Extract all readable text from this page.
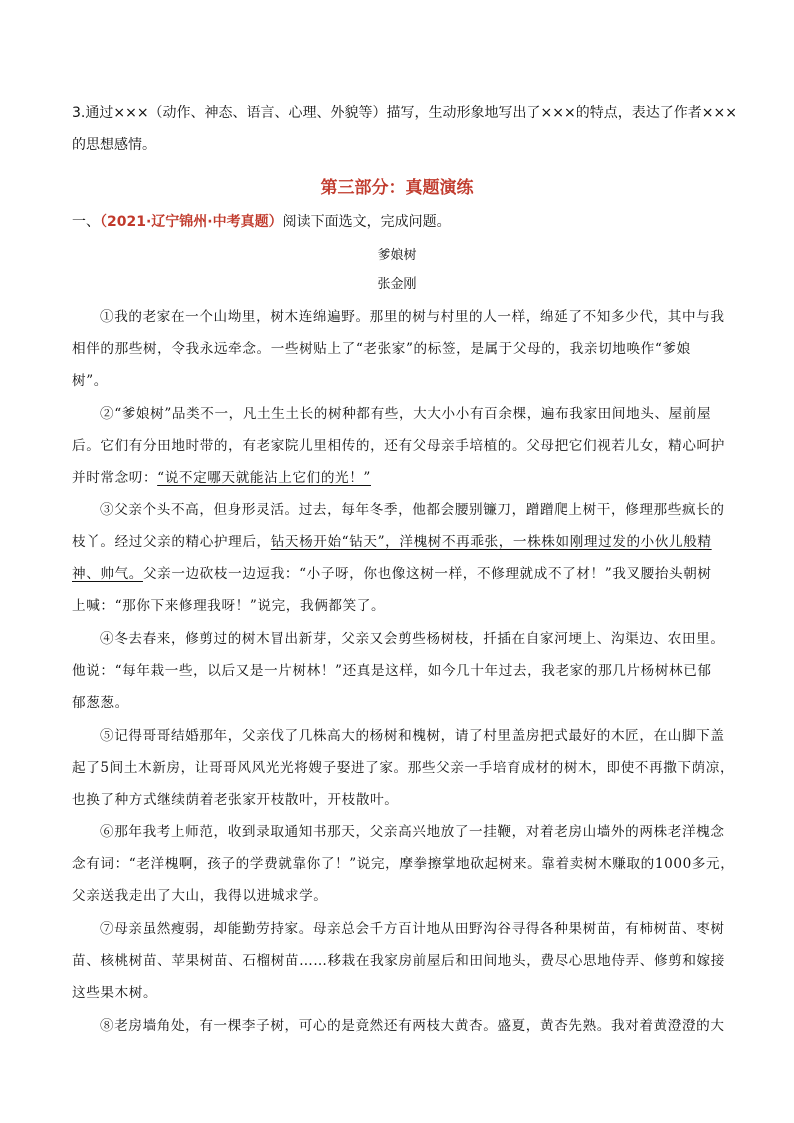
3.通过×××（动作、神态、语言、心理、外貌等）描写，生动形象地写出了×××的特点，表达了作者×××
的思想感情。
第三部分：真题演练
一、（2021·辽宁锦州·中考真题）阅读下面选文，完成问题。
爹娘树
张金刚
①我的老家在一个山坳里，树木连绵遍野。那里的树与村里的人一样，绵延了不知多少代，其中与我
相伴的那些树，令我永远牵念。一些树贴上了“老张家”的标签，是属于父母的，我亲切地唤作“爹娘
树”。
②“爹娘树”品类不一，凡土生土长的树种都有些，大大小小有百余棵，遍布我家田间地头、屋前屋
后。它们有分田地时带的，有老家院儿里相传的，还有父母亲手培植的。父母把它们视若儿女，精心呵护
并时常念叨：“说不定哪天就能沾上它们的光！”
③父亲个头不高，但身形灵活。过去，每年冬季，他都会腰别镰刀，蹭蹭爬上树干，修理那些疯长的
枝丫。经过父亲的精心护理后，钻天杨开始“钻天”，洋槐树不再乖张，一株株如刚理过发的小伙儿般精
神、帅气。父亲一边砍枝一边逗我：“小子呀，你也像这树一样，不修理就成不了材！”我叉腰抬头朝树
上喊：“那你下来修理我呀！”说完，我俩都笑了。
④冬去春来，修剪过的树木冒出新芽，父亲又会剪些杨树枝，扦插在自家河埂上、沟渠边、农田里。
他说：“每年栽一些，以后又是一片树林！”还真是这样，如今几十年过去，我老家的那几片杨树林已郁
郁葱葱。
⑤记得哥哥结婚那年，父亲伐了几株高大的杨树和槐树，请了村里盖房把式最好的木匠，在山脚下盖
起了5间土木新房，让哥哥风风光光将嫂子娶进了家。那些父亲一手培育成材的树木，即使不再撒下荫凉，
也换了种方式继续荫着老张家开枝散叶，开枝散叶。
⑥那年我考上师范，收到录取通知书那天，父亲高兴地放了一挂鞭，对着老房山墙外的两株老洋槐念
念有词：“老洋槐啊，孩子的学费就靠你了！”说完，摩拳擦掌地砍起树来。靠着卖树木赚取的1000多元，
父亲送我走出了大山，我得以进城求学。
⑦母亲虽然瘦弱，却能勤劳持家。母亲总会千方百计地从田野沟谷寻得各种果树苗，有柿树苗、枣树
苗、核桃树苗、苹果树苗、石榴树苗……移栽在我家房前屋后和田间地头，费尽心思地侍弄、修剪和嫁接
这些果木树。
⑧老房墙角处，有一棵李子树，可心的是竟然还有两枝大黄杏。盛夏，黄杏先熟。我对着黄澄澄的大
